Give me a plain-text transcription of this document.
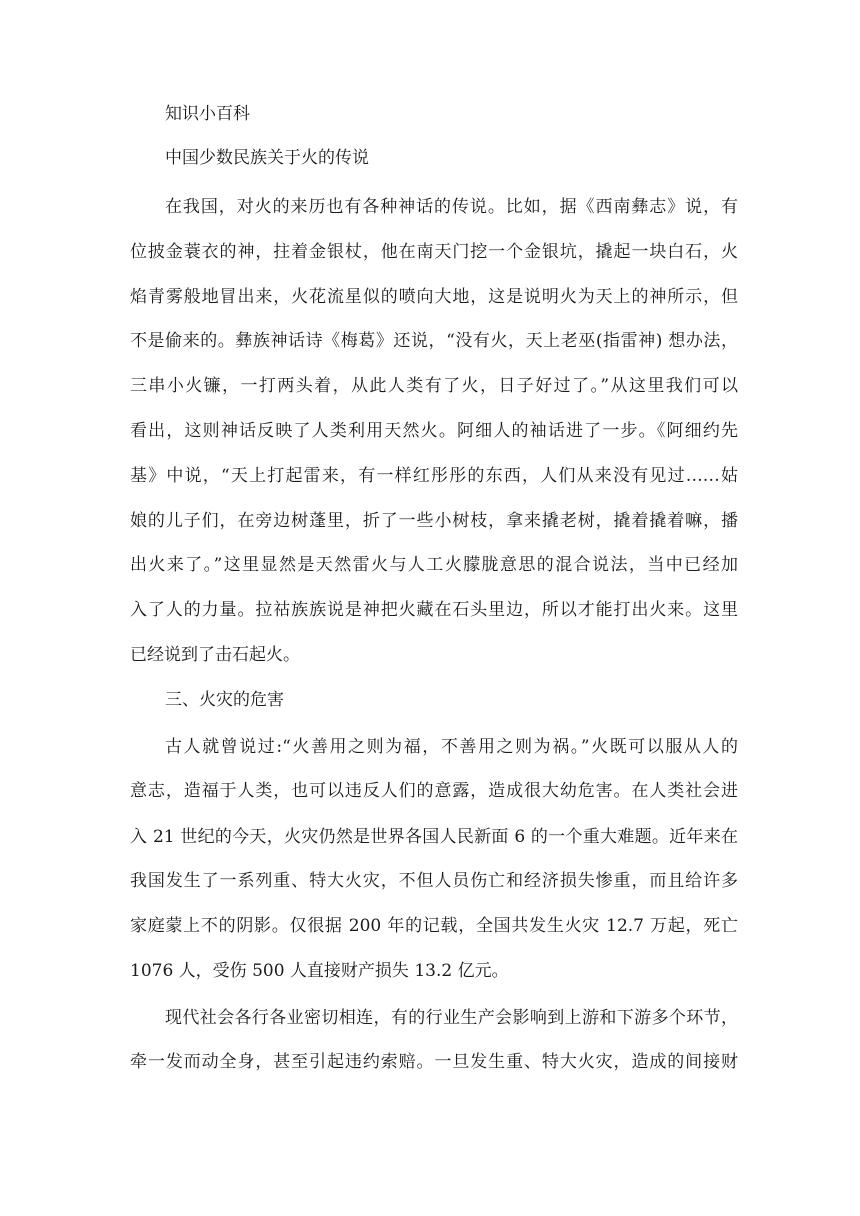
知识小百科
中国少数民族关于火的传说
在我国，对火的来历也有各种神话的传说。比如，据《西南彝志》说，有
位披金蓑衣的神，拄着金银杖，他在南天门挖一个金银坑，撬起一块白石，火
焰青雾般地冒出来，火花流星似的喷向大地，这是说明火为天上的神所示，但
不是偷来的。彝族神话诗《梅葛》还说，“没有火，天上老巫(指雷神) 想办法，
三串小火镰，一打两头着，从此人类有了火，日子好过了。”从这里我们可以
看出，这则神话反映了人类利用天然火。阿细人的袖话进了一步。《阿细约先
基》中说，“天上打起雷来，有一样红彤彤的东西，人们从来没有见过……姑
娘的儿子们，在旁边树蓬里，折了一些小树枝，拿来撬老树，撬着撬着嘛，播
出火来了。”这里显然是天然雷火与人工火朦胧意思的混合说法，当中已经加
入了人的力量。拉祜族族说是神把火藏在石头里边，所以才能打出火来。这里
已经说到了击石起火。
三、火灾的危害
古人就曾说过:“火善用之则为福，不善用之则为祸。”火既可以服从人的
意志，造福于人类，也可以违反人们的意露，造成很大幼危害。在人类社会进
入 21 世纪的今天，火灾仍然是世界各国人民新面 6 的一个重大难题。近年来在
我国发生了一系列重、特大火灾，不但人员伤亡和经济损失惨重，而且给许多
家庭蒙上不的阴影。仅很据 200 年的记载，全国共发生火灾 12.7 万起，死亡
1076 人，受伤 500 人直接财产损失 13.2 亿元。
现代社会各行各业密切相连，有的行业生产会影响到上游和下游多个环节，
牵一发而动全身，甚至引起违约索赔。一旦发生重、特大火灾，造成的间接财
